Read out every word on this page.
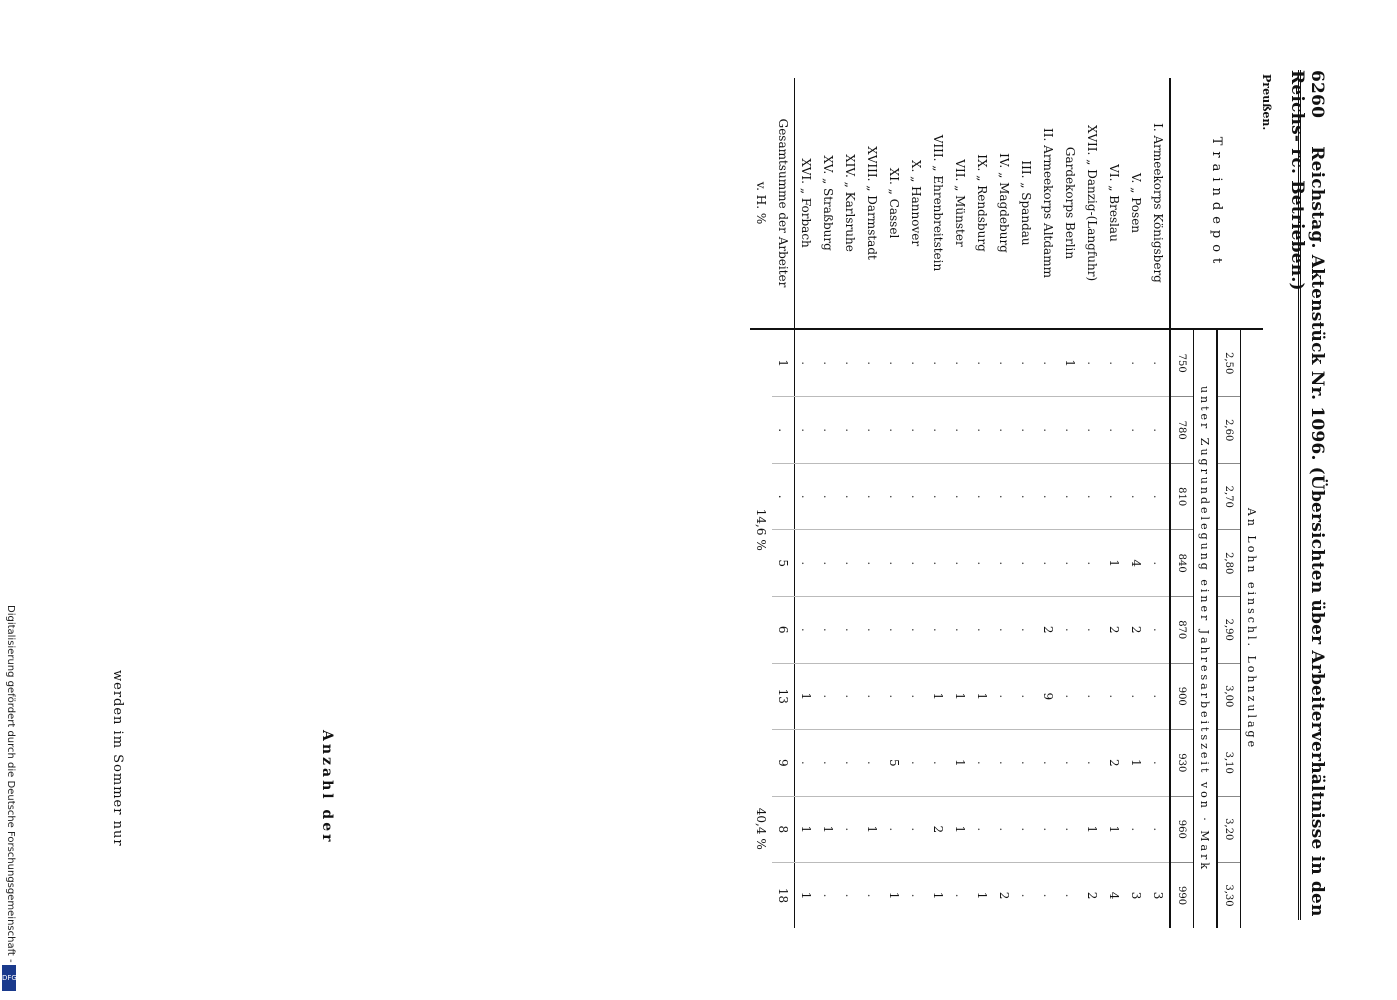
6260 Reichstag. Aktenstück Nr. 1096. (Übersichten über Arbeiterverhältnisse in den Reichs- rc. Betrieben.)
Preußen.
Traindepot	An Lohn einschl. Lohnzulage								
	2,50	2,60	2,70	2,80	2,90	3,00	3,10	3,20	3,30
	unter Zugrundelegung einer Jahresarbeitszeit von · Mark								
	750	780	810	840	870	900	930	960	990
I. Armeekorps Königsberg	.	.	.	.	.	.	.	.	3
V. „ Posen	.	.	.	4	2	.	1	.	3
VI. „ Breslau	.	.	.	1	2	.	2	1	4
XVII. „ Danzig-(Langfuhr)	.	.	.	.	.	.	.	1	2
Gardekorps Berlin	1	.	.	.	.	.	.	.	.
II. Armeekorps Altdamm	.	.	.	.	2	9	.	.	.
III. „ Spandau	.	.	.	.	.	.	.	.	.
IV. „ Magdeburg	.	.	.	.	.	.	.	.	2
IX. „ Rendsburg	.	.	.	.	.	1	.	.	1
VII. „ Münster	.	.	.	.	.	1	1	1	.
VIII. „ Ehrenbreitstein	.	.	.	.	.	1	.	2	1
X. „ Hannover	.	.	.	.	.	.	.	.	.
XI. „ Cassel	.	.	.	.	.	.	5	.	1
XVIII. „ Darmstadt	.	.	.	.	.	.	.	1	.
XIV. „ Karlsruhe	.	.	.	.	.	.	.	.	.
XV. „ Straßburg	.	.	.	.	.	.	.	1	.
XVI. „ Forbach	.	.	.	.	.	1	.	1	1
Gesamtsumme der Arbeiter	1	.	.	5	6	13	9	8	18
v. H. %	14,6 %						40,4 %		
Anzahl der
werden im Sommer nur
Digitalisierung gefördert durch die Deutsche Forschungsgemeinschaft -
DFG
